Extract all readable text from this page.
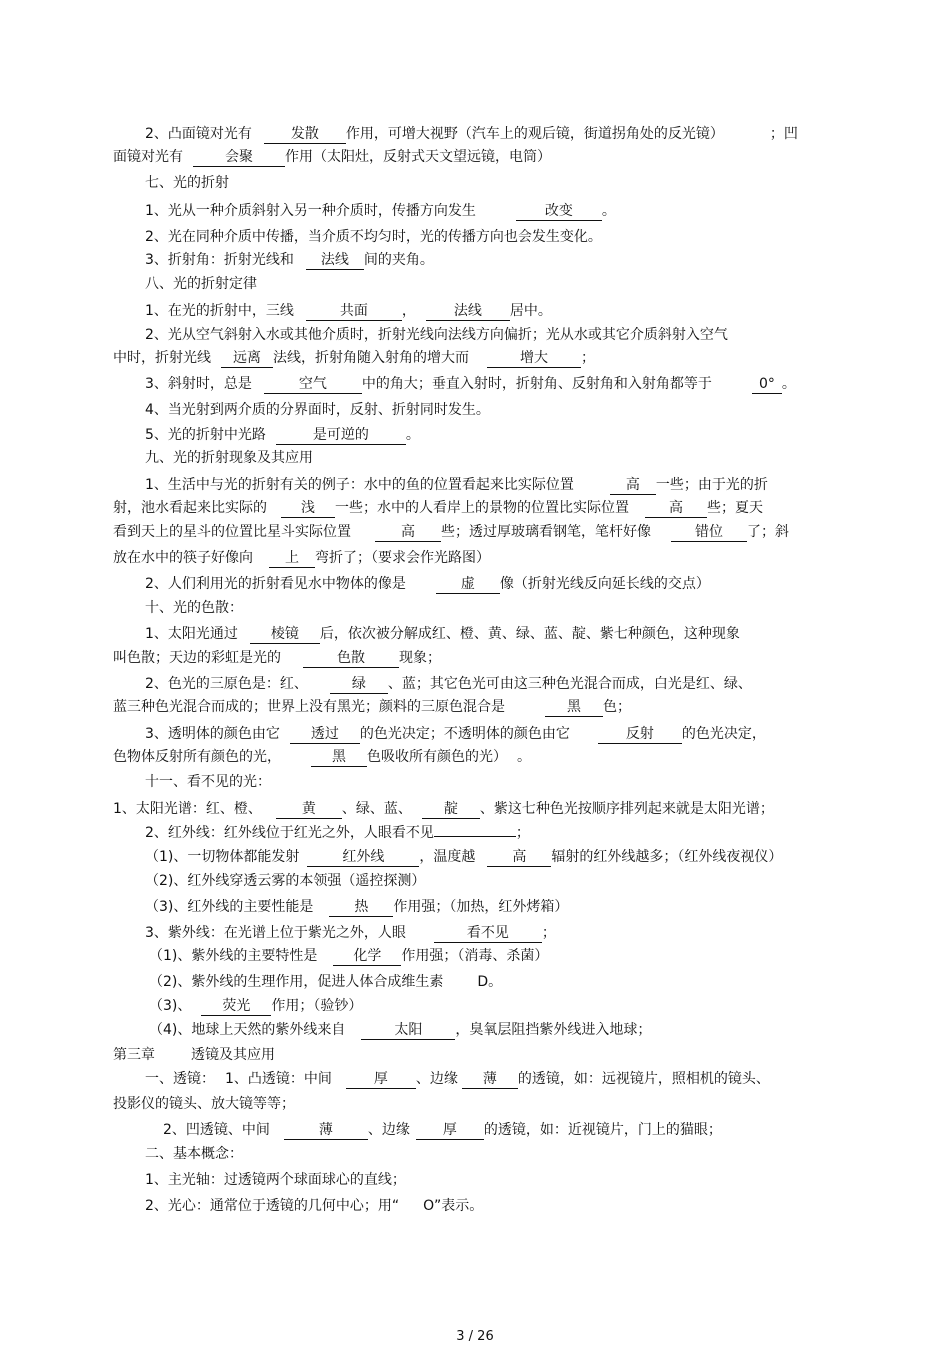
2、凸面镜对光有	发散 作用，可增大视野（汽车上的观后镜，街道拐角处的反光镜）	；凹
面镜对光有	会聚 作用（太阳灶，反射式天文望远镜，电筒）
七、光的折射
1、光从一种介质斜射入另一种介质时，传播方向发生	改变 。
2、光在同种介质中传播，当介质不均匀时，光的传播方向也会发生变化。
3、折射角：折射光线和 法线 间的夹角。
八、光的折射定律
1、在光的折射中，三线	共面 ，	法线 居中。
2、光从空气斜射入水或其他介质时，折射光线向法线方向偏折；光从水或其它介质斜射入空气
中时，折射光线 远离 法线，折射角随入射角的增大而	增大 ；
3、斜射时，总是	空气	中的角大；垂直入射时，折射角、反射角和入射角都等于	0° 。
4、当光射到两介质的分界面时，反射、折射同时发生。
5、光的折射中光路	是可逆的	。
九、光的折射现象及其应用
1、生活中与光的折射有关的例子：水中的鱼的位置看起来比实际位置	高 一些；由于光的折
射，池水看起来比实际的 浅 一些；水中的人看岸上的景物的位置比实际位置	高 些；夏天
看到天上的星斗的位置比星斗实际位置	高 些；透过厚玻璃看钢笔，笔杆好像	错位 了；斜
放在水中的筷子好像向 上 弯折了；（要求会作光路图）
2、人们利用光的折射看见水中物体的像是	虚 像（折射光线反向延长线的交点）
十、光的色散：
1、太阳光通过 棱镜 后，依次被分解成红、橙、黄、绿、蓝、靛、紫七种颜色，这种现象
叫色散；天边的彩虹是光的	色散 现象；
2、色光的三原色是：红、	绿 、蓝；其它色光可由这三种色光混合而成，白光是红、绿、
蓝三种色光混合而成的；世界上没有黑光；颜料的三原色混合是	黑 色；
3、透明体的颜色由它 透过 的色光决定；不透明体的颜色由它	反射 的色光决定，
色物体反射所有颜色的光，	黑 色吸收所有颜色的光） 。
十一、看不见的光：
1、太阳光谱：红、橙、	黄 、绿、蓝、 靛 、紫这七种色光按顺序排列起来就是太阳光谱；
2、红外线：红外线位于红光之外，人眼看不见	；
（1)、一切物体都能发射	红外线	，温度越	高 辐射的红外线越多；（红外线夜视仪）
（2)、红外线穿透云雾的本领强（遥控探测）
（3)、红外线的主要性能是	热 作用强；（加热，红外烤箱）
3、紫外线：在光谱上位于紫光之外，人眼	看不见 ；
（1)、紫外线的主要特性是	化学 作用强；（消毒、杀菌）
（2)、紫外线的生理作用，促进人体合成维生素 D。
（3)、 荧光 作用；（验钞）
（4)、地球上天然的紫外线来自	太阳 ，臭氧层阻挡紫外线进入地球；
第三章	透镜及其应用
一、透镜： 1、凸透镜：中间	厚 、边缘 薄 的透镜，如：远视镜片，照相机的镜头、
投影仪的镜头、放大镜等等；
2、凹透镜、中间	薄	、边缘 厚 的透镜，如：近视镜片，门上的猫眼；
二、基本概念：
1、主光轴：过透镜两个球面球心的直线；
2、光心：通常位于透镜的几何中心；用“ O”表示。
3 / 26
